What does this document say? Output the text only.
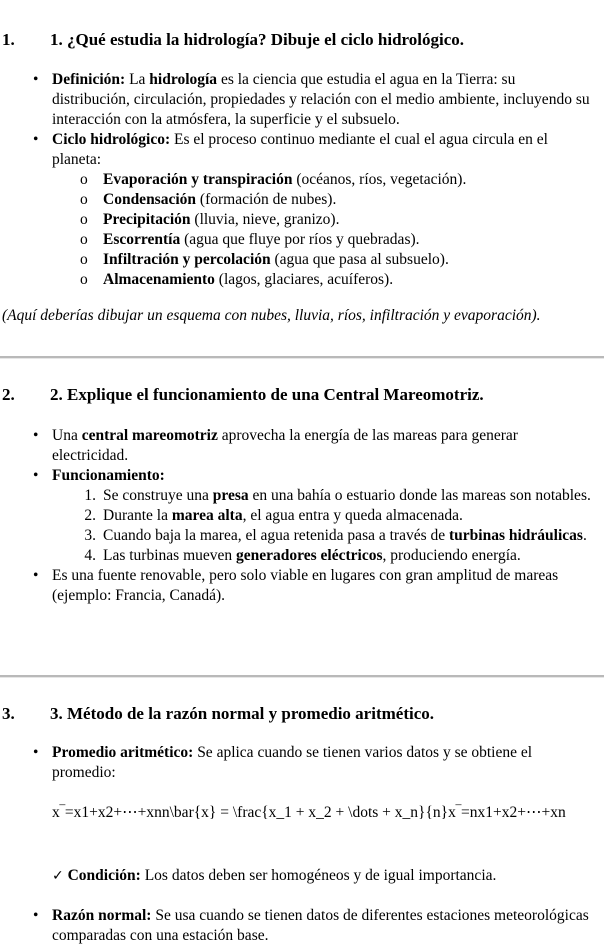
1. 1. ¿Qué estudia la hidrología? Dibuje el ciclo hidrológico.
• Definición: La hidrología es la ciencia que estudia el agua en la Tierra: su distribución, circulación, propiedades y relación con el medio ambiente, incluyendo su interacción con la atmósfera, la superficie y el subsuelo.
• Ciclo hidrológico: Es el proceso continuo mediante el cual el agua circula en el planeta:
o Evaporación y transpiración (océanos, ríos, vegetación).
o Condensación (formación de nubes).
o Precipitación (lluvia, nieve, granizo).
o Escorrentía (agua que fluye por ríos y quebradas).
o Infiltración y percolación (agua que pasa al subsuelo).
o Almacenamiento (lagos, glaciares, acuíferos).
(Aquí deberías dibujar un esquema con nubes, lluvia, ríos, infiltración y evaporación).
2. 2. Explique el funcionamiento de una Central Mareomotriz.
• Una central mareomotriz aprovecha la energía de las mareas para generar electricidad.
• Funcionamiento:
1. Se construye una presa en una bahía o estuario donde las mareas son notables.
2. Durante la marea alta, el agua entra y queda almacenada.
3. Cuando baja la marea, el agua retenida pasa a través de turbinas hidráulicas.
4. Las turbinas mueven generadores eléctricos, produciendo energía.
• Es una fuente renovable, pero solo viable en lugares con gran amplitud de mareas (ejemplo: Francia, Canadá).
3. 3. Método de la razón normal y promedio aritmético.
• Promedio aritmético: Se aplica cuando se tienen varios datos y se obtiene el promedio:
x‾=x1+x2+⋯+xnn\bar{x} = \frac{x_1 + x_2 + \dots + x_n}{n}x‾=nx1+x2+⋯+xn
✓ Condición: Los datos deben ser homogéneos y de igual importancia.
• Razón normal: Se usa cuando se tienen datos de diferentes estaciones meteorológicas comparadas con una estación base.
